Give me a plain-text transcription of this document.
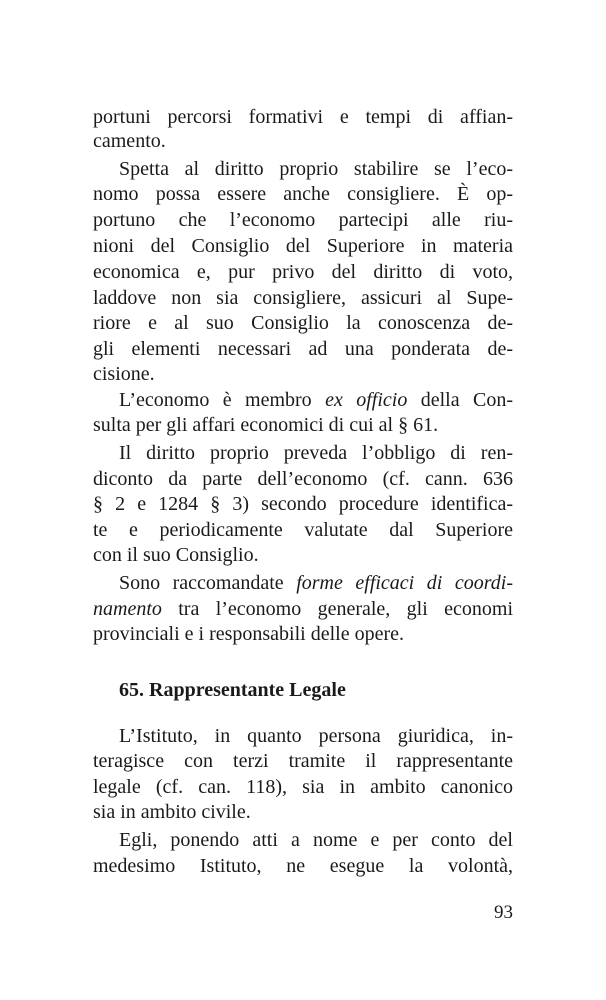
65. Rappresentante Legale
93
portuni percorsi formativi e tempi di affian-
camento.
Spetta al diritto proprio stabilire se l’eco-
nomo possa essere anche consigliere. È op-
portuno che l’economo partecipi alle riu-
nioni del Consiglio del Superiore in materia
economica e, pur privo del diritto di voto,
laddove non sia consigliere, assicuri al Supe-
riore e al suo Consiglio la conoscenza de-
gli elementi necessari ad una ponderata de-
cisione.
L’economo è membro ex officio della Con-
sulta per gli affari economici di cui al § 61.
Il diritto proprio preveda l’obbligo di ren-
diconto da parte dell’economo (cf. cann. 636
§ 2 e 1284 § 3) secondo procedure identifica-
te e periodicamente valutate dal Superiore
con il suo Consiglio.
Sono raccomandate forme efficaci di coordi-
namento tra l’economo generale, gli economi
provinciali e i responsabili delle opere.
L’Istituto, in quanto persona giuridica, in-
teragisce con terzi tramite il rappresentante
legale (cf. can. 118), sia in ambito canonico
sia in ambito civile.
Egli, ponendo atti a nome e per conto del
medesimo Istituto, ne esegue la volontà,
